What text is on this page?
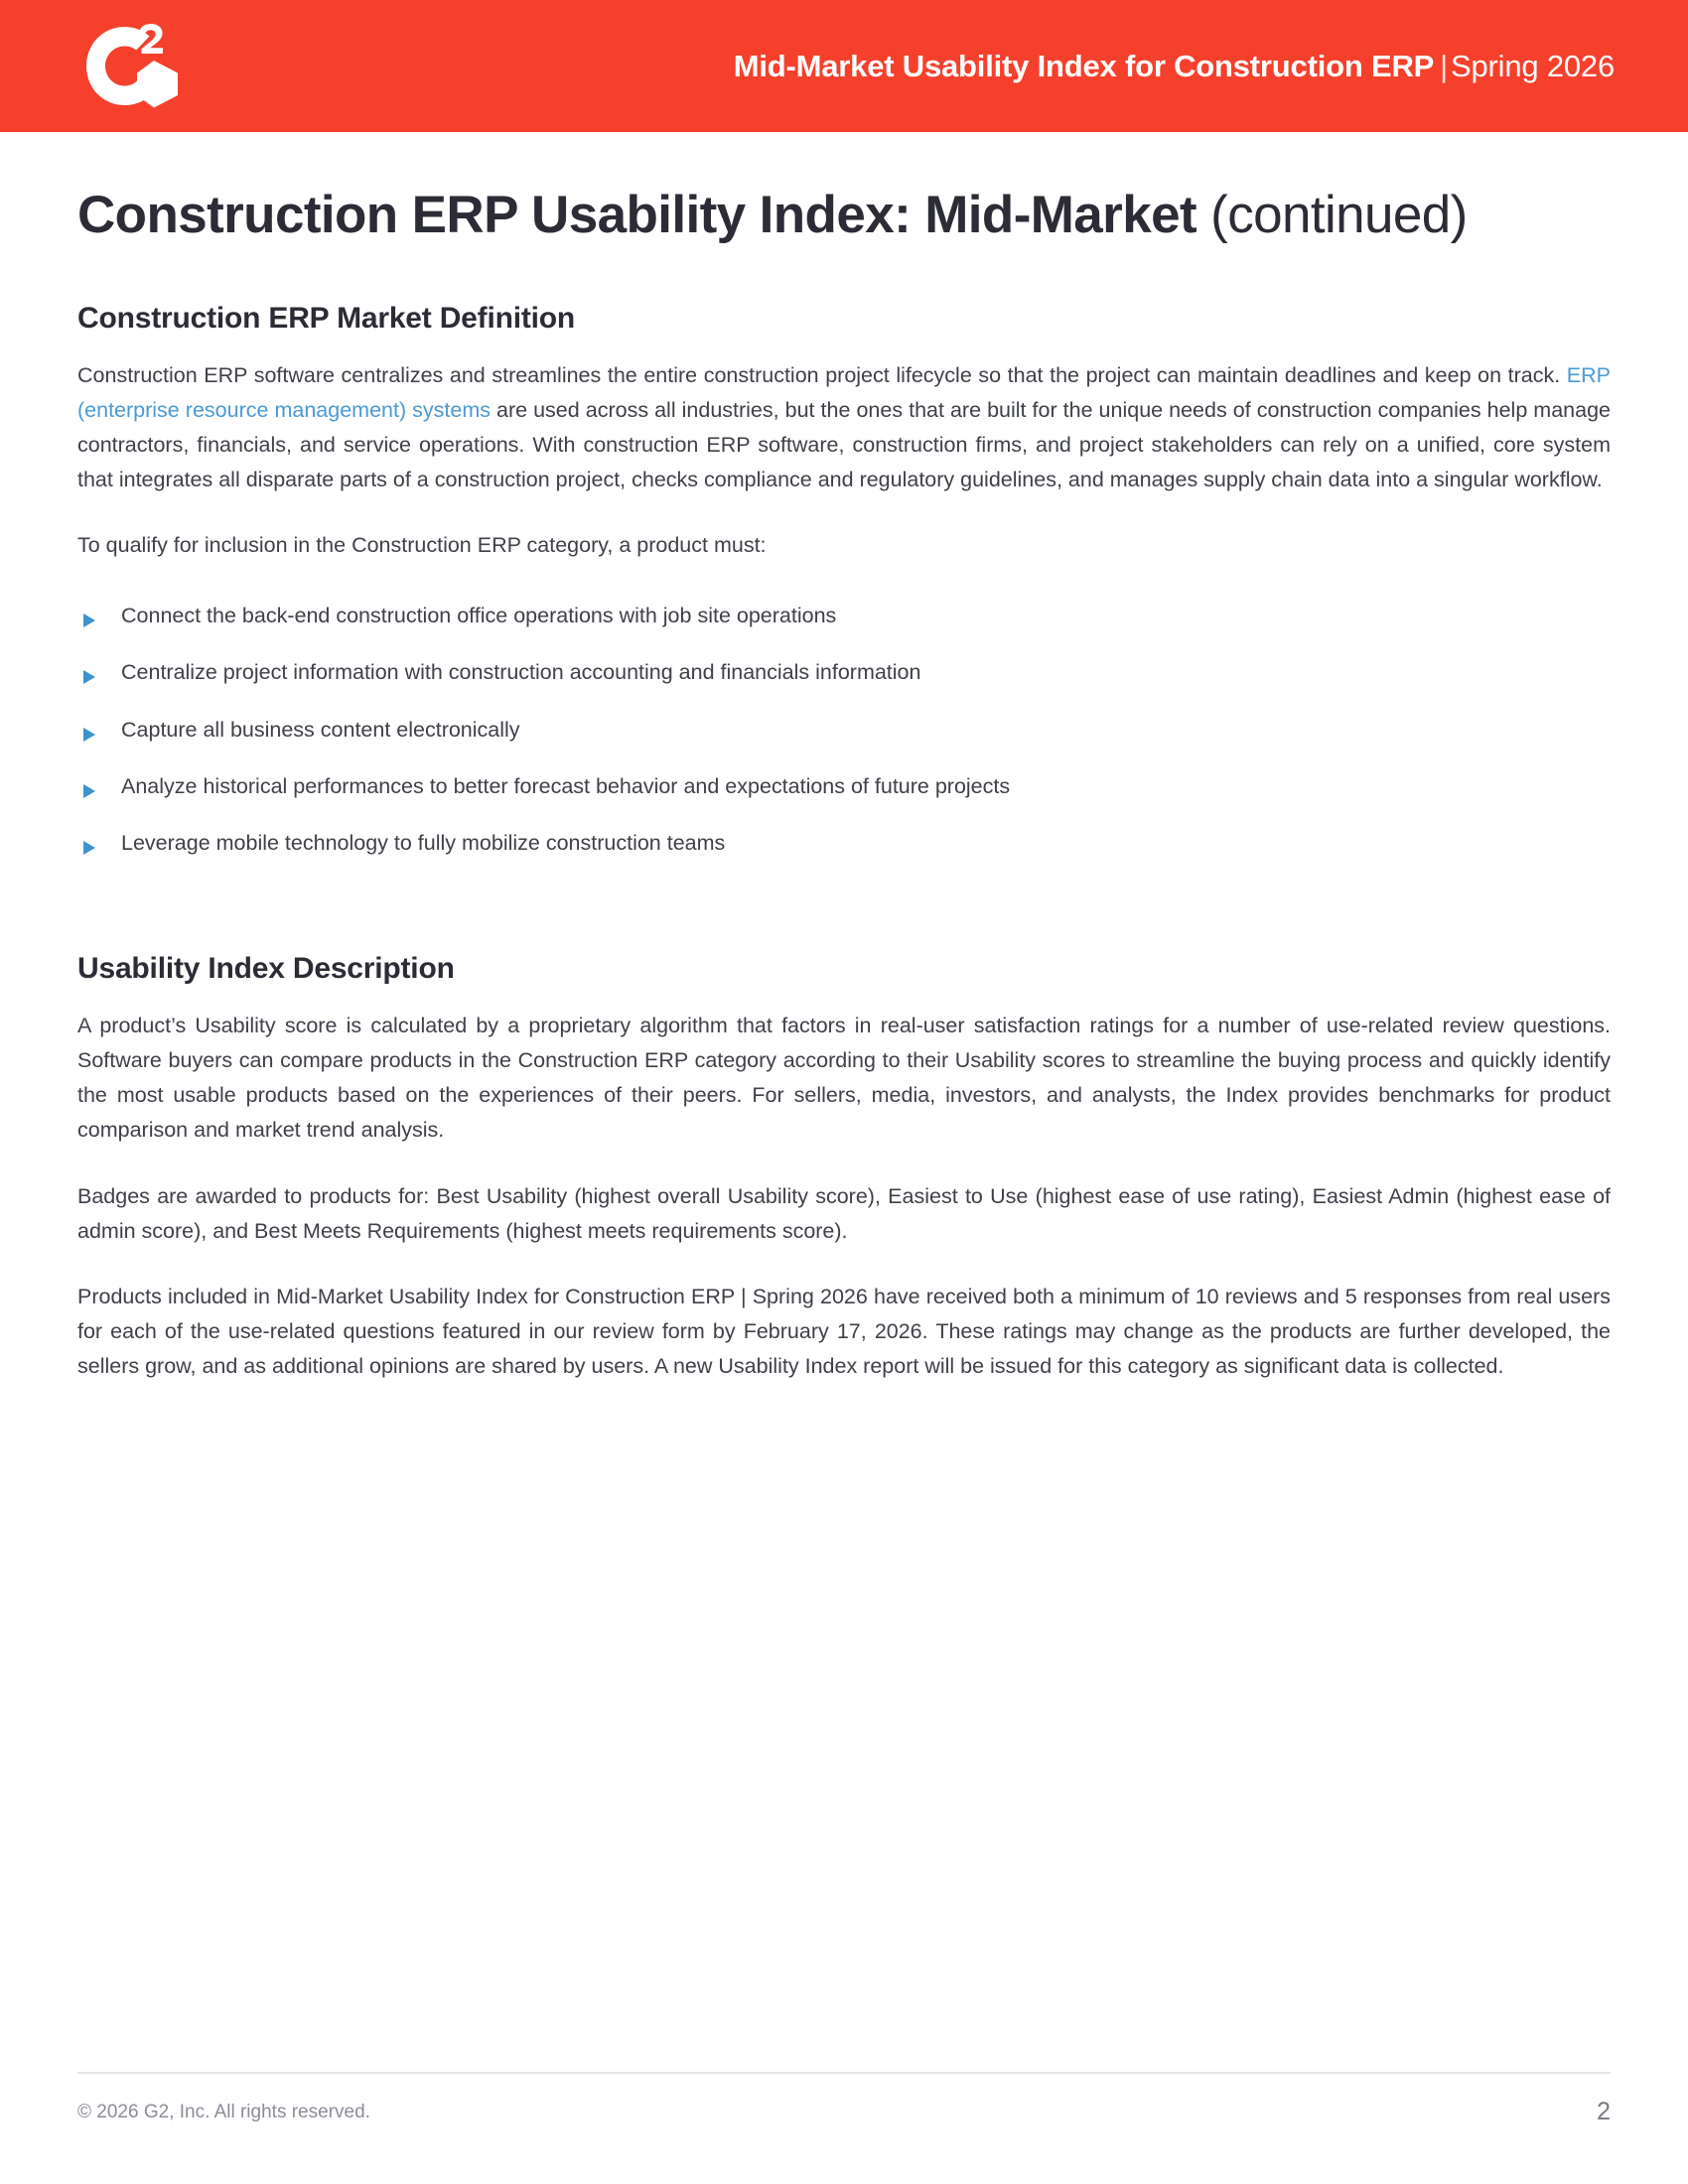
Mid-Market Usability Index for Construction ERP | Spring 2026
Construction ERP Usability Index: Mid-Market (continued)
Construction ERP Market Definition

Construction ERP software centralizes and streamlines the entire construction project lifecycle so that the project can maintain deadlines and keep on track. ERP (enterprise resource management) systems are used across all industries, but the ones that are built for the unique needs of construction companies help manage contractors, financials, and service operations. With construction ERP software, construction firms, and project stakeholders can rely on a unified, core system that integrates all disparate parts of a construction project, checks compliance and regulatory guidelines, and manages supply chain data into a singular workflow.

To qualify for inclusion in the Construction ERP category, a product must:

Connect the back-end construction office operations with job site operations
Centralize project information with construction accounting and financials information
Capture all business content electronically
Analyze historical performances to better forecast behavior and expectations of future projects
Leverage mobile technology to fully mobilize construction teams
Usability Index Description

A product’s Usability score is calculated by a proprietary algorithm that factors in real-user satisfaction ratings for a number of use-related review questions. Software buyers can compare products in the Construction ERP category according to their Usability scores to streamline the buying process and quickly identify the most usable products based on the experiences of their peers. For sellers, media, investors, and analysts, the Index provides benchmarks for product comparison and market trend analysis.

Badges are awarded to products for: Best Usability (highest overall Usability score), Easiest to Use (highest ease of use rating), Easiest Admin (highest ease of admin score), and Best Meets Requirements (highest meets requirements score).

Products included in Mid-Market Usability Index for Construction ERP | Spring 2026 have received both a minimum of 10 reviews and 5 responses from real users for each of the use-related questions featured in our review form by February 17, 2026. These ratings may change as the products are further developed, the sellers grow, and as additional opinions are shared by users. A new Usability Index report will be issued for this category as significant data is collected.

© 2026 G2, Inc. All rights reserved.	2
